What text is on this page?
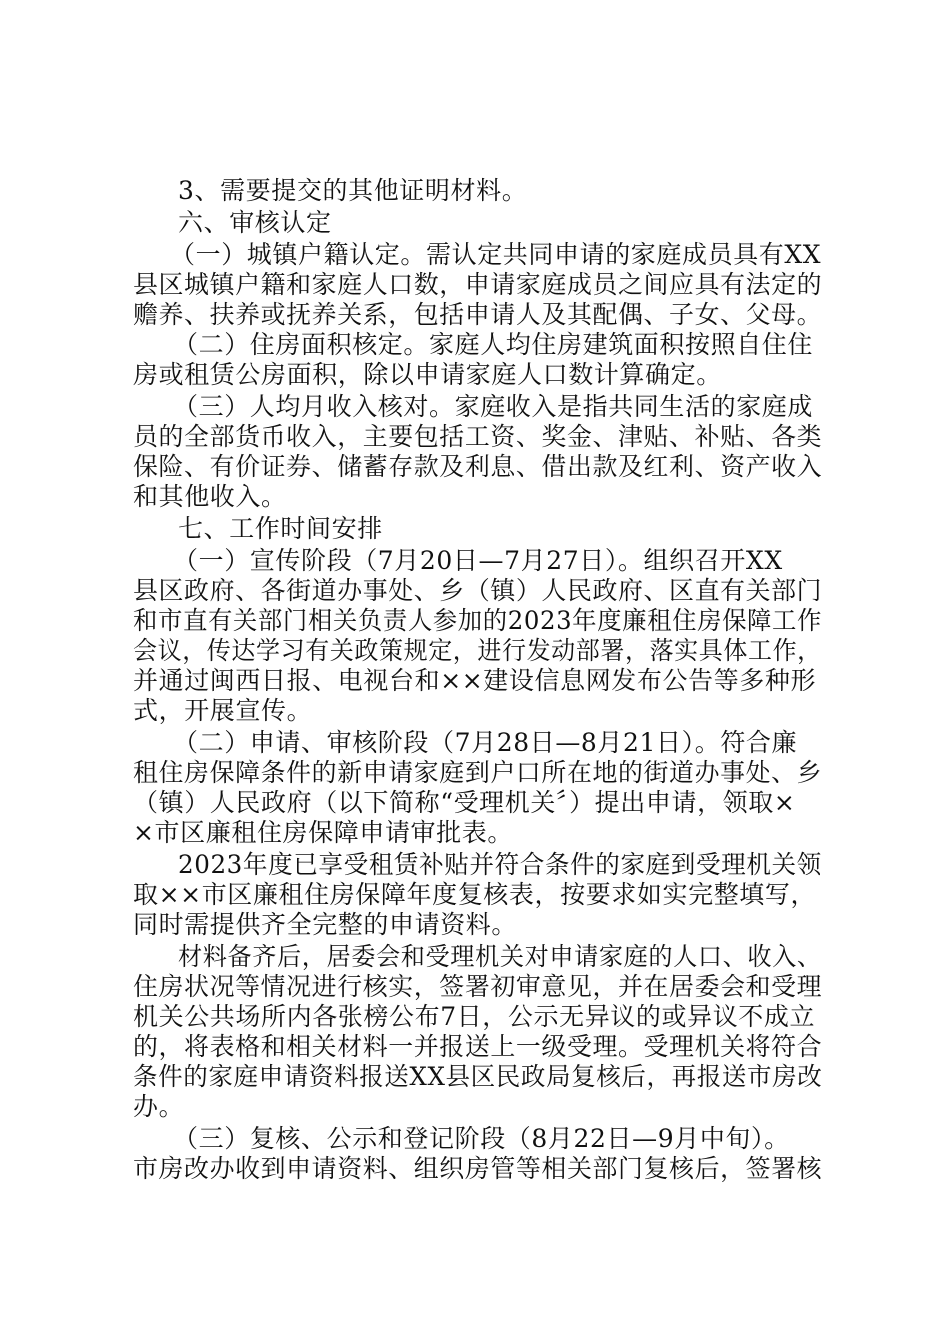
3、需要提交的其他证明材料。
六、审核认定
（一）城镇户籍认定。需认定共同申请的家庭成员具有XX
县区城镇户籍和家庭人口数，申请家庭成员之间应具有法定的
赡养、扶养或抚养关系，包括申请人及其配偶、子女、父母。
（二）住房面积核定。家庭人均住房建筑面积按照自住住
房或租赁公房面积，除以申请家庭人口数计算确定。
（三）人均月收入核对。家庭收入是指共同生活的家庭成
员的全部货币收入，主要包括工资、奖金、津贴、补贴、各类
保险、有价证券、储蓄存款及利息、借出款及红利、资产收入
和其他收入。
七、工作时间安排
（一）宣传阶段（7月20日—7月27日）。组织召开XX
县区政府、各街道办事处、乡（镇）人民政府、区直有关部门
和市直有关部门相关负责人参加的2023年度廉租住房保障工作
会议，传达学习有关政策规定，进行发动部署，落实具体工作，
并通过闽西日报、电视台和××建设信息网发布公告等多种形
式，开展宣传。
（二）申请、审核阶段（7月28日—8月21日）。符合廉
租住房保障条件的新申请家庭到户口所在地的街道办事处、乡
（镇）人民政府（以下简称“受理机关〞）提出申请，领取×
×市区廉租住房保障申请审批表。
2023年度已享受租赁补贴并符合条件的家庭到受理机关领
取××市区廉租住房保障年度复核表，按要求如实完整填写，
同时需提供齐全完整的申请资料。
材料备齐后，居委会和受理机关对申请家庭的人口、收入、
住房状况等情况进行核实，签署初审意见，并在居委会和受理
机关公共场所内各张榜公布7日，公示无异议的或异议不成立
的，将表格和相关材料一并报送上一级受理。受理机关将符合
条件的家庭申请资料报送XX县区民政局复核后，再报送市房改
办。
（三）复核、公示和登记阶段（8月22日—9月中旬）。
市房改办收到申请资料、组织房管等相关部门复核后，签署核
